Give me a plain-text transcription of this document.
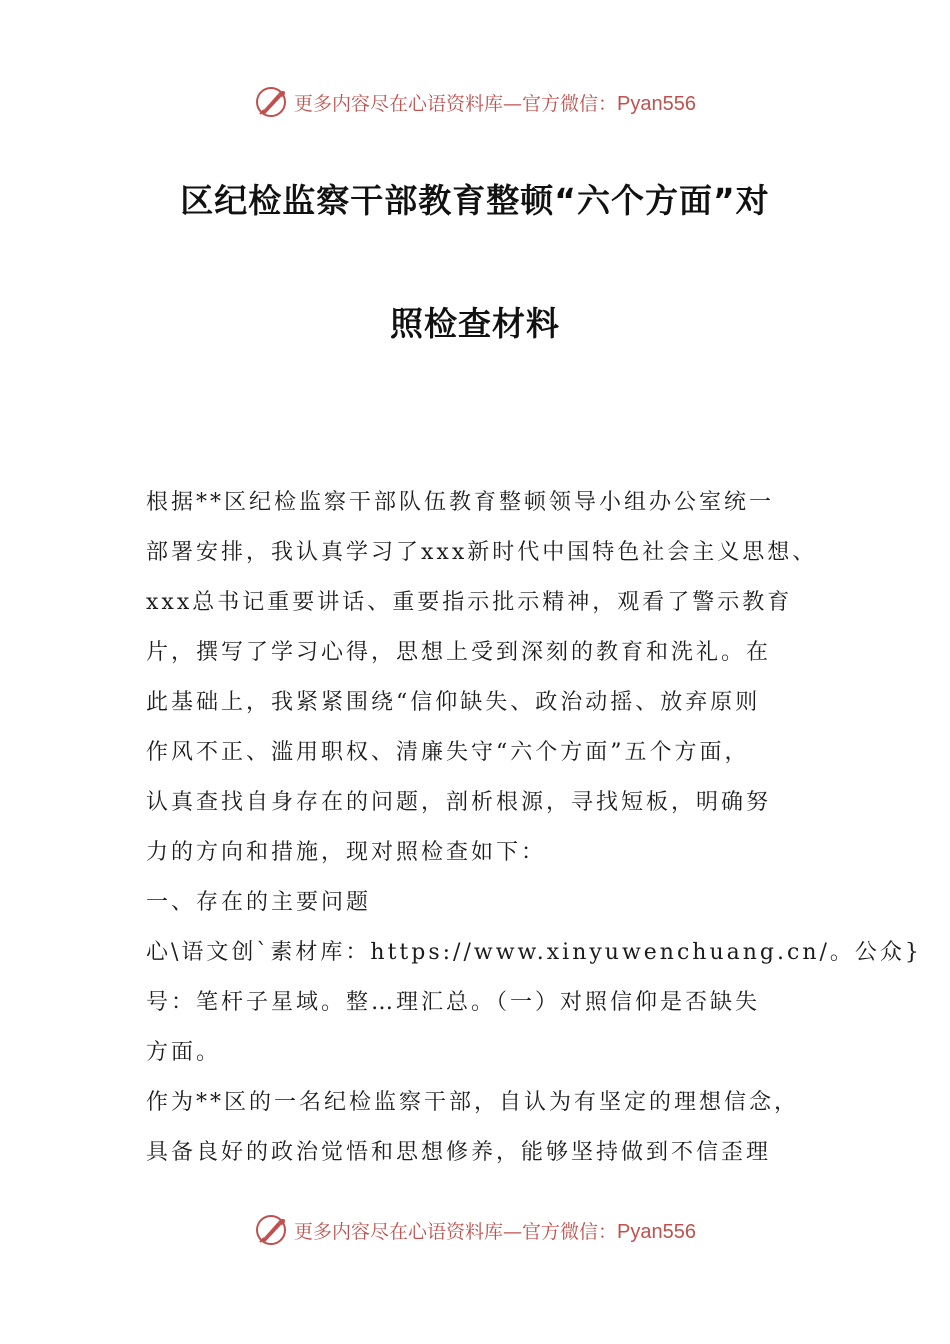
更多内容尽在心语资料库—官方微信：Pyan556
区纪检监察干部教育整顿“六个方面”对
照检查材料
根据**区纪检监察干部队伍教育整顿领导小组办公室统一
部署安排，我认真学习了xxx新时代中国特色社会主义思想、
xxx总书记重要讲话、重要指示批示精神，观看了警示教育
片，撰写了学习心得，思想上受到深刻的教育和洗礼。在
此基础上，我紧紧围绕“信仰缺失、政治动摇、放弃原则
作风不正、滥用职权、清廉失守“六个方面”五个方面，
认真查找自身存在的问题，剖析根源，寻找短板，明确努
力的方向和措施，现对照检查如下：
一、存在的主要问题
心\语文创`素材库：https://www.xinyuwenchuang.cn/。公众}
号：笔杆子星域。整…理汇总。（一）对照信仰是否缺失
方面。
作为**区的一名纪检监察干部，自认为有坚定的理想信念，
具备良好的政治觉悟和思想修养，能够坚持做到不信歪理
更多内容尽在心语资料库—官方微信：Pyan556
